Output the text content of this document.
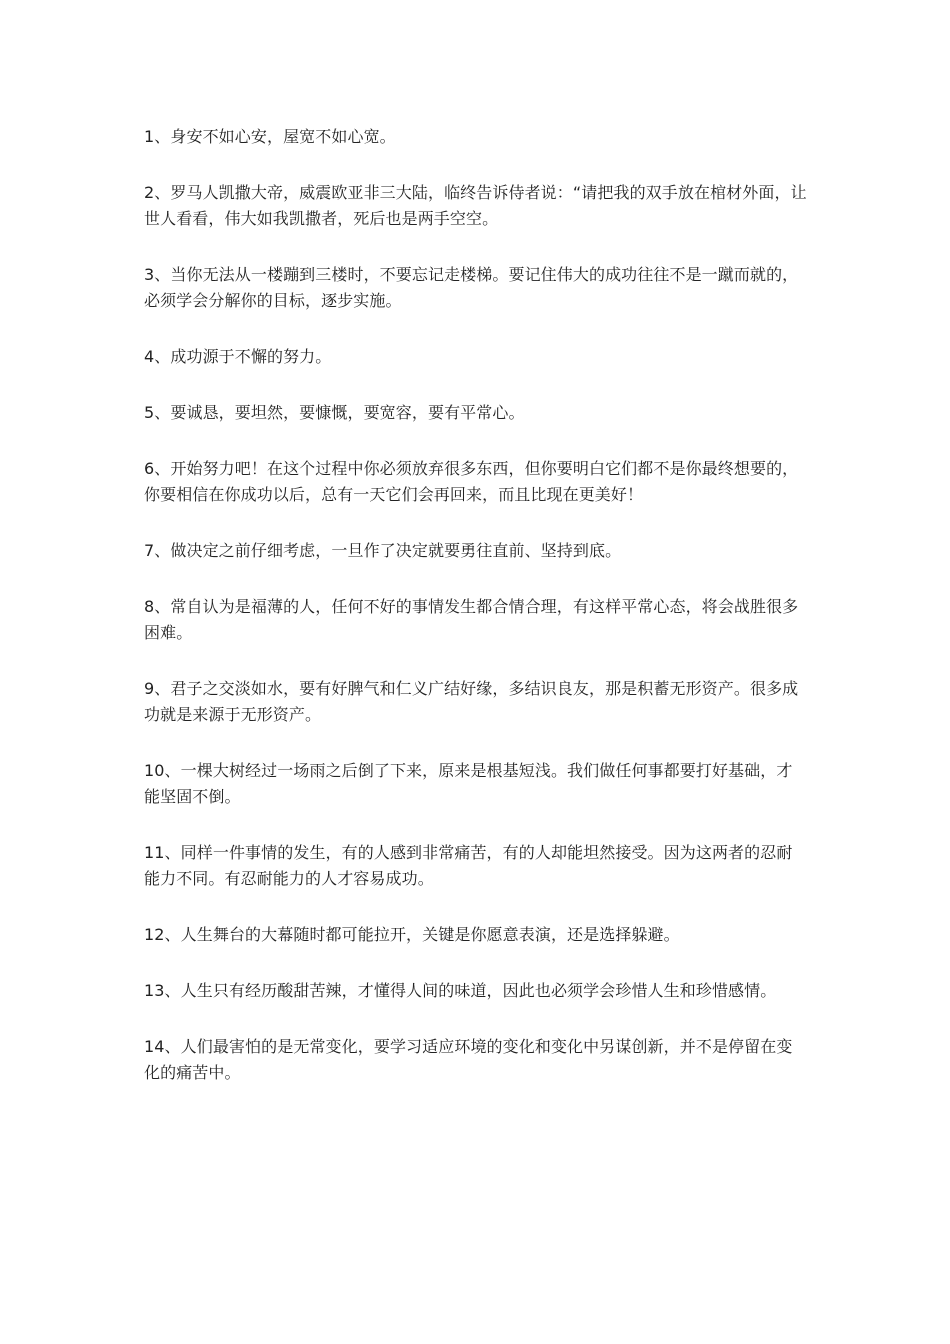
1、身安不如心安，屋宽不如心宽。

2、罗马人凯撒大帝，威震欧亚非三大陆，临终告诉侍者说：“请把我的双手放在棺材外面，让世人看看，伟大如我凯撒者，死后也是两手空空。

3、当你无法从一楼蹦到三楼时，不要忘记走楼梯。要记住伟大的成功往往不是一蹴而就的，必须学会分解你的目标，逐步实施。

4、成功源于不懈的努力。

5、要诚恳，要坦然，要慷慨，要宽容，要有平常心。

6、开始努力吧！在这个过程中你必须放弃很多东西，但你要明白它们都不是你最终想要的，你要相信在你成功以后，总有一天它们会再回来，而且比现在更美好！

7、做决定之前仔细考虑，一旦作了决定就要勇往直前、坚持到底。

8、常自认为是福薄的人，任何不好的事情发生都合情合理，有这样平常心态，将会战胜很多困难。

9、君子之交淡如水，要有好脾气和仁义广结好缘，多结识良友，那是积蓄无形资产。很多成功就是来源于无形资产。

10、一棵大树经过一场雨之后倒了下来，原来是根基短浅。我们做任何事都要打好基础，才能坚固不倒。

11、同样一件事情的发生，有的人感到非常痛苦，有的人却能坦然接受。因为这两者的忍耐能力不同。有忍耐能力的人才容易成功。

12、人生舞台的大幕随时都可能拉开，关键是你愿意表演，还是选择躲避。

13、人生只有经历酸甜苦辣，才懂得人间的味道，因此也必须学会珍惜人生和珍惜感情。

14、人们最害怕的是无常变化，要学习适应环境的变化和变化中另谋创新，并不是停留在变化的痛苦中。
